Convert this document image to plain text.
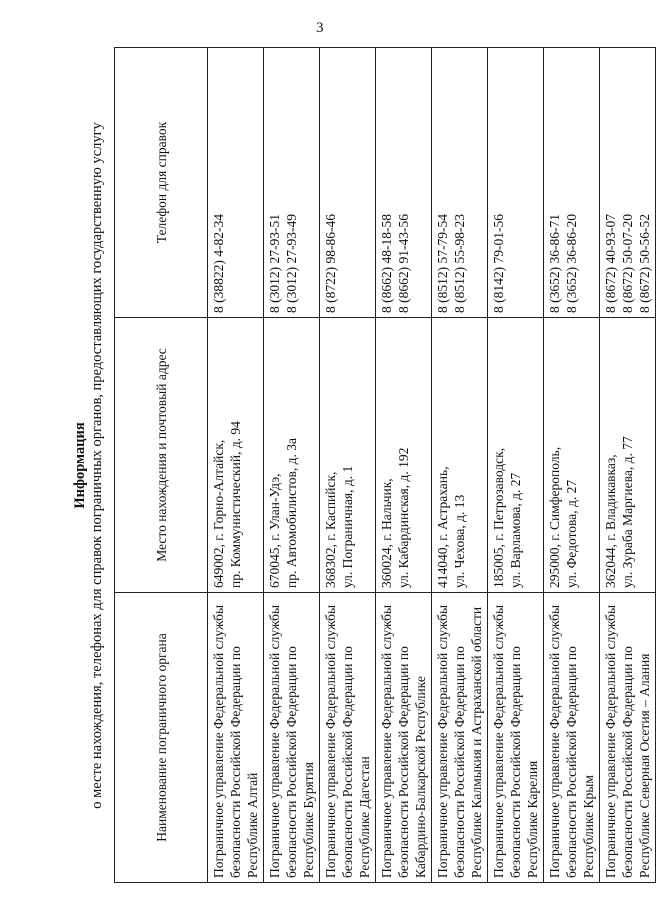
3
Информация о месте нахождения, телефонах для справок пограничных органов, предоставляющих государственную услугу	Наименование пограничного органа	Место нахождения и почтовый адрес	Телефон для справок

Пограничное управление Федеральной службы безопасности Российской Федерации по Республике Алтай	649002, г. Горно-Алтайск, пр. Коммунистический, д. 94	8 (38822) 4-82-34

Пограничное управление Федеральной службы безопасности Российской Федерации по Республике Бурятия	670045, г. Улан-Удэ, пр. Автомобилистов, д. 3а	8 (3012) 27-93-51 8 (3012) 27-93-49

Пограничное управление Федеральной службы безопасности Российской Федерации по Республике Дагестан	368302, г. Каспийск, ул. Пограничная, д. 1	8 (8722) 98-86-46

Пограничное управление Федеральной службы безопасности Российской Федерации по Кабардино-Балкарской Республике	360024, г. Нальчик, ул. Кабардинская, д. 192	8 (8662) 48-18-58 8 (8662) 91-43-56

Пограничное управление Федеральной службы безопасности Российской Федерации по Республике Калмыкия и Астраханской области	414040, г. Астрахань, ул. Чехова, д. 13	8 (8512) 57-79-54 8 (8512) 55-98-23

Пограничное управление Федеральной службы безопасности Российской Федерации по Республике Карелия	185005, г. Петрозаводск, ул. Варламова, д. 27	8 (8142) 79-01-56

Пограничное управление Федеральной службы безопасности Российской Федерации по Республике Крым	295000, г. Симферополь, ул. Федотова, д. 27	8 (3652) 36-86-71 8 (3652) 36-86-20

Пограничное управление Федеральной службы безопасности Российской Федерации по Республике Северная Осетия – Алания	362044, г. Владикавказ, ул. Зураба Маргиева, д. 77	8 (8672) 40-93-07 8 (8672) 50-07-20 8 (8672) 50-56-52
